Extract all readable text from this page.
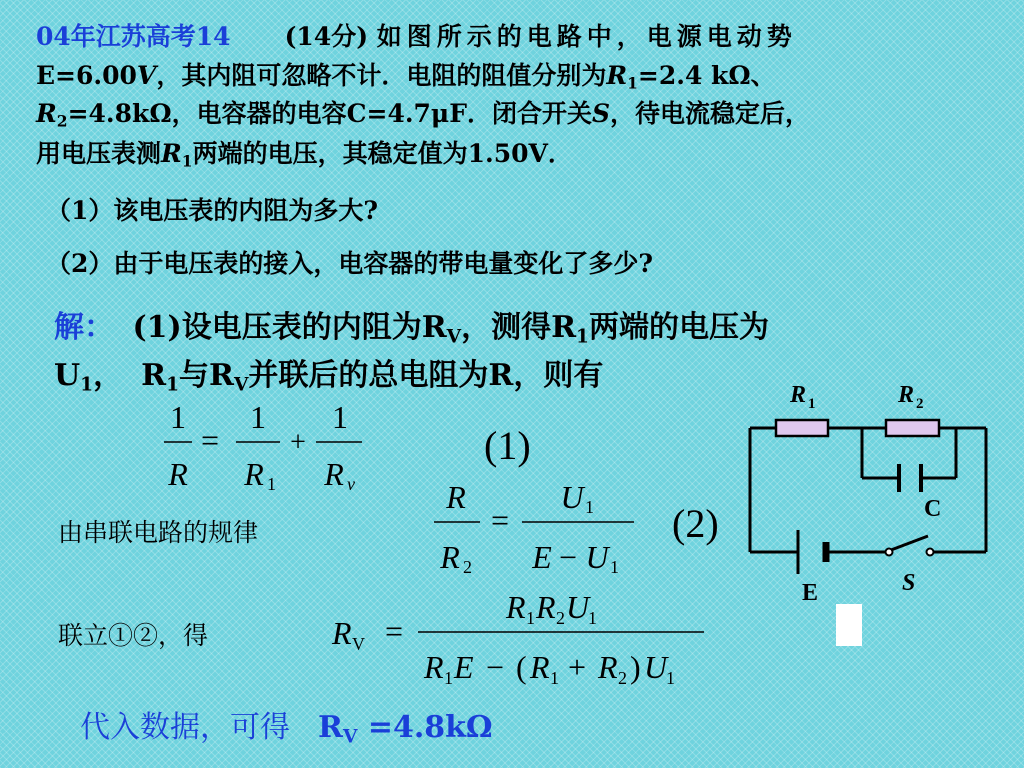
04年江苏高考14 (14分) 如图所示的电路中，电源电动势
E=6.00V，其内阻可忽略不计．电阻的阻值分别为$R_1=2.4$ kΩ、
$R_2=4.8k\Omega$，电容器的电容C=4.7μF．闭合开关S，待电流稳定后，
用电压表测$R_1$两端的电压，其稳定值为1.50V．
（1）该电压表的内阻为多大?
（2）由于电压表的接入，电容器的带电量变化了多少?
解： (1)设电压表的内阻为$R_V$，测得$R_1$两端的电压为
$U_1$， $R_1$与$R_V$并联后的总电阻为R，则有
1
R
=
1
R 1
+
1
R v
(1)
由串联电路的规律
R
R 2
=
U 1
E − U 1
(2)
联立①②，得	R V =
R 1 R 2 U
1
R 1 E − ( R 1 + R 2 ) U
1
代入数据，可得 $R_V =4.8k\Omega$
R 1	R 2
C
E	S
